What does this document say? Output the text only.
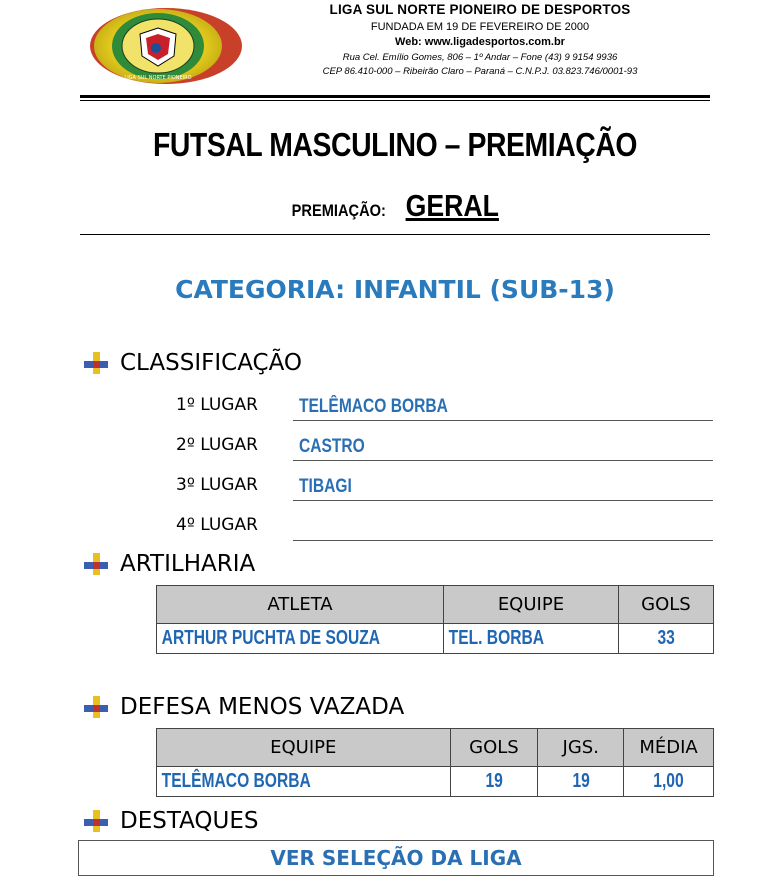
LIGA SUL NORTE PIONEIRO
LIGA SUL NORTE PIONEIRO DE DESPORTOS
FUNDADA EM 19 DE FEVEREIRO DE 2000
Web: www.ligadesportos.com.br
Rua Cel. Emílio Gomes, 806 – 1º Andar – Fone (43) 9 9154 9936
CEP 86.410-000 – Ribeirão Claro – Paraná – C.N.P.J. 03.823.746/0001-93
FUTSAL MASCULINO – PREMIAÇÃO
PREMIAÇÃO: GERAL
CATEGORIA: INFANTIL (SUB-13)
CLASSIFICAÇÃO
1º LUGAR	TELÊMACO BORBA
2º LUGAR	CASTRO
3º LUGAR	TIBAGI
4º LUGAR
ARTILHARIA
ATLETA	EQUIPE	GOLS
ARTHUR PUCHTA DE SOUZA	TEL. BORBA	33
DEFESA MENOS VAZADA
EQUIPE	GOLS	JGS.	MÉDIA
TELÊMACO BORBA	19	19	1,00
DESTAQUES
VER SELEÇÃO DA LIGA
